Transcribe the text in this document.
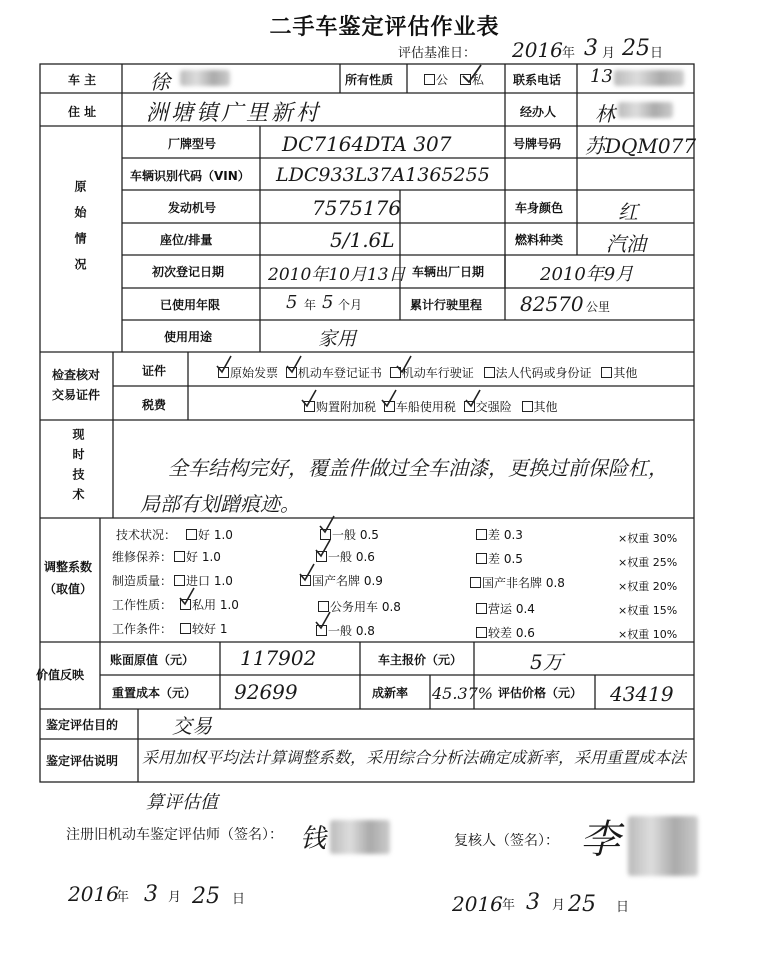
二手车鉴定评估作业表
评估基准日： 2016 年 3 月 25 日
车 主	徐	所有性质	公 私 联系电话 13
住 址 洲塘镇广里新村	经办人 林
原始情况
厂牌型号	DC7164DTA 307	号牌号码 苏DQM077
车辆识别代码（VIN） LDC933L37A1365255
发动机号	7575176	车身颜色	红
座位/排量	5/1.6L	燃料种类 汽油
初次登记日期	2010年10月13日 车辆出厂日期	2010年9月
已使用年限	5 年 5 个月	累计行驶里程 82570 公里
使用用途	家用
检查核对
交易证件
证件	原始发票 机动车登记证书 机动车行驶证 法人代码或身份证 其他
税费	购置附加税 车船使用税 交强险 其他
现时技术	全车结构完好，覆盖件做过全车油漆，更换过前保险杠，
局部有划蹭痕迹。
调整系数
（取值）
技术状况：	好 1.0	一般 0.5	差 0.3	×权重 30%
维修保养：	好 1.0	一般 0.6	差 0.5	×权重 25%
制造质量：	进口 1.0	国产名牌 0.9	国产非名牌 0.8	×权重 20%
工作性质：	私用 1.0	公务用车 0.8	营运 0.4	×权重 15%
工作条件：	较好 1	一般 0.8	较差 0.6	×权重 10%
价值反映
账面原值（元） 117902	车主报价（元）	5万
重置成本（元） 92699	成新率 45.37% 评估价格（元） 43419
鉴定评估目的	交易
鉴定评估说明 采用加权平均法计算调整系数，采用综合分析法确定成新率，采用重置成本法
算评估值
注册旧机动车鉴定评估师（签名）： 钱	复核人（签名）： 李
2016
年 3 月 25 日	2016 年 3 月 25 日
